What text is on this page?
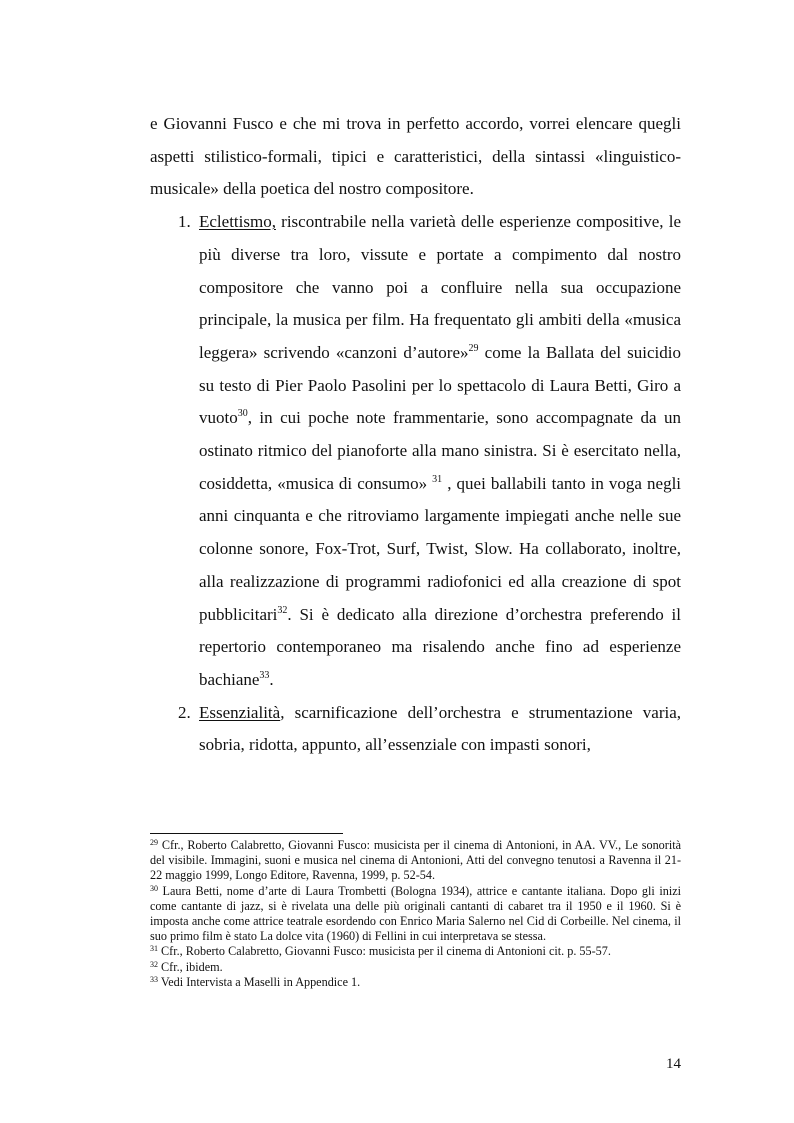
e Giovanni Fusco e che mi trova in perfetto accordo, vorrei elencare quegli aspetti stilistico-formali, tipici e caratteristici, della sintassi «linguistico-musicale» della poetica del nostro compositore.

1. Eclettismo, riscontrabile nella varietà delle esperienze compositive, le più diverse tra loro, vissute e portate a compimento dal nostro compositore che vanno poi a confluire nella sua occupazione principale, la musica per film. Ha frequentato gli ambiti della «musica leggera» scrivendo «canzoni d’autore»$^{29}$ come la Ballata del suicidio su testo di Pier Paolo Pasolini per lo spettacolo di Laura Betti, Giro a vuoto$^{30}$, in cui poche note frammentarie, sono accompagnate da un ostinato ritmico del pianoforte alla mano sinistra. Si è esercitato nella, cosiddetta, «musica di consumo» $^{31}$ , quei ballabili tanto in voga negli anni cinquanta e che ritroviamo largamente impiegati anche nelle sue colonne sonore, Fox-Trot, Surf, Twist, Slow. Ha collaborato, inoltre, alla realizzazione di programmi radiofonici ed alla creazione di spot pubblicitari$^{32}$. Si è dedicato alla direzione d’orchestra preferendo il repertorio contemporaneo ma risalendo anche fino ad esperienze bachiane$^{33}$.
2. Essenzialità, scarnificazione dell’orchestra e strumentazione varia, sobria, ridotta, appunto, all’essenziale con impasti sonori,

$^{29}$ Cfr., Roberto Calabretto, Giovanni Fusco: musicista per il cinema di Antonioni, in AA. VV., Le sonorità del visibile. Immagini, suoni e musica nel cinema di Antonioni, Atti del convegno tenutosi a Ravenna il 21-22 maggio 1999, Longo Editore, Ravenna, 1999, p. 52-54.

$^{30}$ Laura Betti, nome d’arte di Laura Trombetti (Bologna 1934), attrice e cantante italiana. Dopo gli inizi come cantante di jazz, si è rivelata una delle più originali cantanti di cabaret tra il 1950 e il 1960. Si è imposta anche come attrice teatrale esordendo con Enrico Maria Salerno nel Cid di Corbeille. Nel cinema, il suo primo film è stato La dolce vita (1960) di Fellini in cui interpretava se stessa.

$^{31}$ Cfr., Roberto Calabretto, Giovanni Fusco: musicista per il cinema di Antonioni cit. p. 55-57.

$^{32}$ Cfr., ibidem.

$^{33}$ Vedi Intervista a Maselli in Appendice 1.

14
